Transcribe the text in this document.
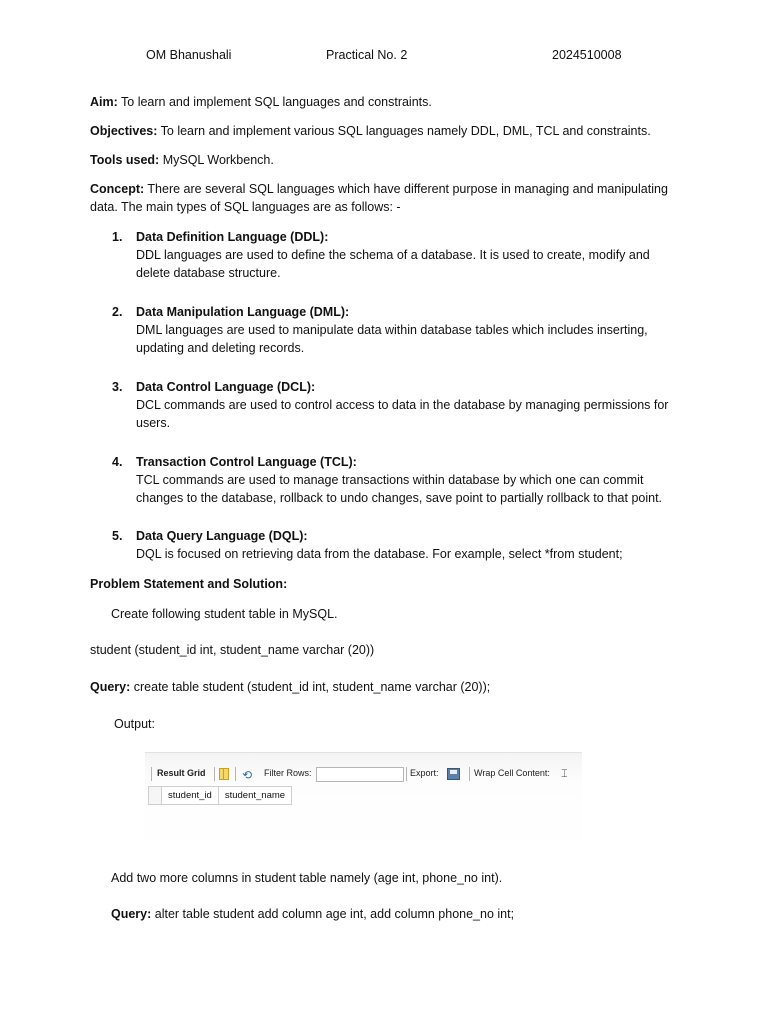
OM Bhanushali	Practical No. 2	2024510008

Aim: To learn and implement SQL languages and constraints.

Objectives: To learn and implement various SQL languages namely DDL, DML, TCL and constraints.

Tools used: MySQL Workbench.

Concept: There are several SQL languages which have different purpose in managing and manipulating data. The main types of SQL languages are as follows: -

1. Data Definition Language (DDL):
DDL languages are used to define the schema of a database. It is used to create, modify and delete database structure.
2. Data Manipulation Language (DML):
DML languages are used to manipulate data within database tables which includes inserting, updating and deleting records.
3. Data Control Language (DCL):
DCL commands are used to control access to data in the database by managing permissions for users.
4. Transaction Control Language (TCL):
TCL commands are used to manage transactions within database by which one can commit changes to the database, rollback to undo changes, save point to partially rollback to that point.
5. Data Query Language (DQL):
DQL is focused on retrieving data from the database. For example, select *from student;

Problem Statement and Solution:

Create following student table in MySQL.

student (student_id int, student_name varchar (20))

Query: create table student (student_id int, student_name varchar (20));

Output:

Result Grid	⟲ Filter Rows:	Export:	Wrap Cell Content: ⌶
	student_id	student_name

Add two more columns in student table namely (age int, phone_no int).

Query: alter table student add column age int, add column phone_no int;
